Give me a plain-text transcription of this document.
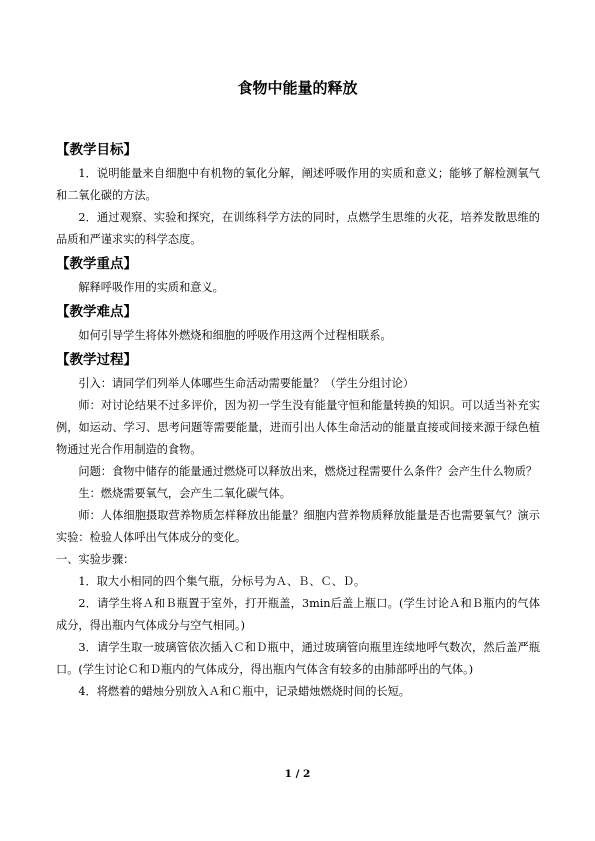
食物中能量的释放
【教学目标】

1．说明能量来自细胞中有机物的氧化分解，阐述呼吸作用的实质和意义；能够了解检测氧气和二氧化碳的方法。

2．通过观察、实验和探究，在训练科学方法的同时，点燃学生思维的火花，培养发散思维的品质和严谨求实的科学态度。

【教学重点】

解释呼吸作用的实质和意义。

【教学难点】

如何引导学生将体外燃烧和细胞的呼吸作用这两个过程相联系。

【教学过程】

引入：请同学们列举人体哪些生命活动需要能量？（学生分组讨论）

师：对讨论结果不过多评价，因为初一学生没有能量守恒和能量转换的知识。可以适当补充实例，如运动、学习、思考问题等需要能量，进而引出人体生命活动的能量直接或间接来源于绿色植物通过光合作用制造的食物。

问题：食物中储存的能量通过燃烧可以释放出来，燃烧过程需要什么条件？会产生什么物质？

生：燃烧需要氧气，会产生二氧化碳气体。

师：人体细胞摄取营养物质怎样释放出能量？细胞内营养物质释放能量是否也需要氧气？演示实验：检验人体呼出气体成分的变化。

一、实验步骤：

1．取大小相同的四个集气瓶，分标号为Ａ、Ｂ、Ｃ、Ｄ。

2．请学生将Ａ和Ｂ瓶置于室外，打开瓶盖，3min后盖上瓶口。(学生讨论Ａ和Ｂ瓶内的气体成分，得出瓶内气体成分与空气相同。)

3．请学生取一玻璃管依次插入Ｃ和Ｄ瓶中，通过玻璃管向瓶里连续地呼气数次，然后盖严瓶口。(学生讨论Ｃ和Ｄ瓶内的气体成分，得出瓶内气体含有较多的由肺部呼出的气体。)

4．将燃着的蜡烛分别放入Ａ和Ｃ瓶中，记录蜡烛燃烧时间的长短。

1 / 2
